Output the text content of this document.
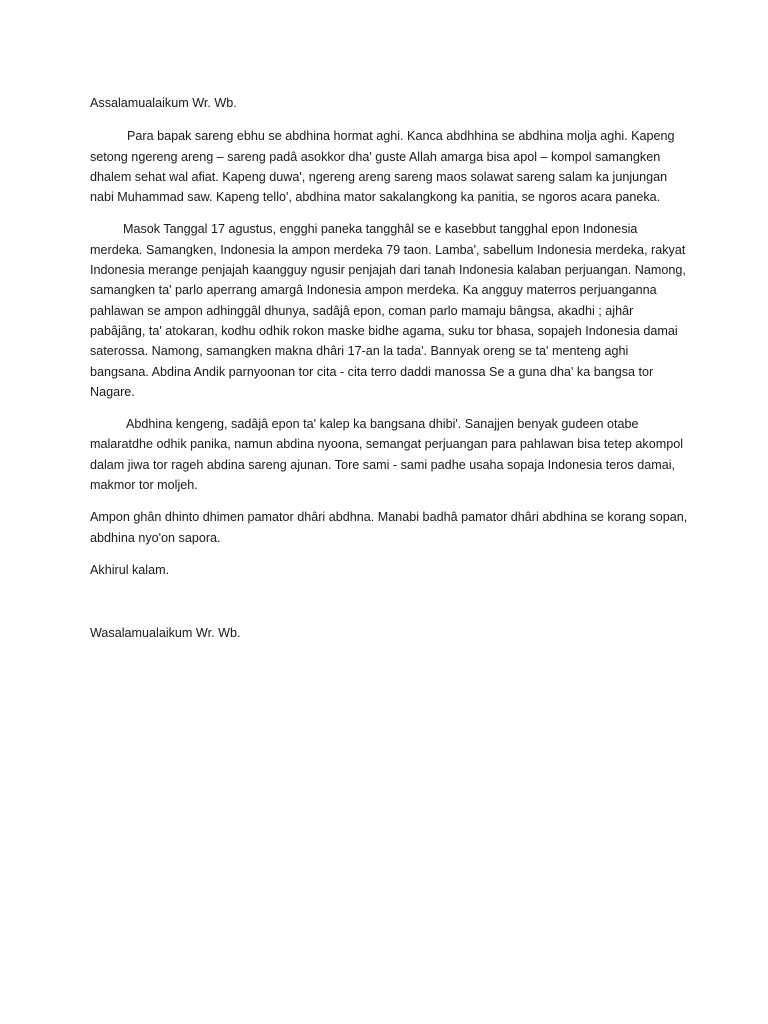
Assalamualaikum Wr. Wb.

Para bapak sareng ebhu se abdhina hormat aghi. Kanca abdhhina se abdhina molja aghi. Kapeng setong ngereng areng – sareng padâ asokkor dha' guste Allah amarga bisa apol – kompol samangken dhalem sehat wal afiat. Kapeng duwa', ngereng areng sareng maos solawat sareng salam ka junjungan nabi Muhammad saw. Kapeng tello', abdhina mator sakalangkong ka panitia, se ngoros acara paneka.

Masok Tanggal 17 agustus, engghi paneka tangghâl se e kasebbut tangghal epon Indonesia merdeka. Samangken, Indonesia la ampon merdeka 79 taon. Lamba', sabellum Indonesia merdeka, rakyat Indonesia merange penjajah kaangguy ngusir penjajah dari tanah Indonesia kalaban perjuangan. Namong, samangken ta' parlo aperrang amargâ Indonesia ampon merdeka. Ka angguy materros perjuanganna pahlawan se ampon adhinggâl dhunya, sadâjâ epon, coman parlo mamaju bângsa, akadhi ; ajhâr pabâjâng, ta' atokaran, kodhu odhik rokon maske bidhe agama, suku tor bhasa, sopajeh Indonesia damai saterossa. Namong, samangken makna dhâri 17-an la tada'. Bannyak oreng se ta' menteng aghi bangsana. Abdina Andik parnyoonan tor cita - cita terro daddi manossa Se a guna dha' ka bangsa tor Nagare.

Abdhina kengeng, sadâjâ epon ta' kalep ka bangsana dhibi'. Sanajjen benyak gudeen otabe malaratdhe odhik panika, namun abdina nyoona, semangat perjuangan para pahlawan bisa tetep akompol dalam jiwa tor rageh abdina sareng ajunan. Tore sami - sami padhe usaha sopaja Indonesia teros damai, makmor tor moljeh.

Ampon ghân dhinto dhimen pamator dhâri abdhna. Manabi badhâ pamator dhâri abdhina se korang sopan, abdhina nyo'on sapora.

Akhirul kalam.

Wasalamualaikum Wr. Wb.
